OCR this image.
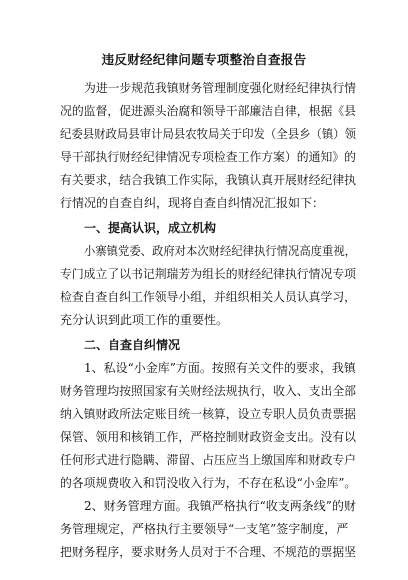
违反财经纪律问题专项整治自查报告
为进一步规范我镇财务管理制度强化财经纪律执行情
况的监督，促进源头治腐和领导干部廉洁自律，根据《县
纪委县财政局县审计局县农牧局关于印发（全县乡（镇）领
导干部执行财经纪律情况专项检查工作方案）的通知》的
有关要求，结合我镇工作实际，我镇认真开展财经纪律执
行情况的自查自纠，现将自查自纠情况汇报如下：
一、提高认识，成立机构
小寨镇党委、政府对本次财经纪律执行情况高度重视，
专门成立了以书记荆瑞芳为组长的财经纪律执行情况专项
检查自查自纠工作领导小组，并组织相关人员认真学习，
充分认识到此项工作的重要性。
二、自查自纠情况
1、私设“小金库”方面。按照有关文件的要求，我镇
财务管理均按照国家有关财经法规执行，收入、支出全部
纳入镇财政所法定账目统一核算，设立专职人员负责票据
保管、领用和核销工作，严格控制财政资金支出。没有以
任何形式进行隐瞒、滞留、占压应当上缴国库和财政专户
的各项规费收入和罚没收入行为，不存在私设“小金库”。
2、财务管理方面。我镇严格执行“收支两条线”的财
务管理规定，严格执行主要领导“一支笔”签字制度，严
把财务程序，要求财务人员对于不合理、不规范的票据坚
